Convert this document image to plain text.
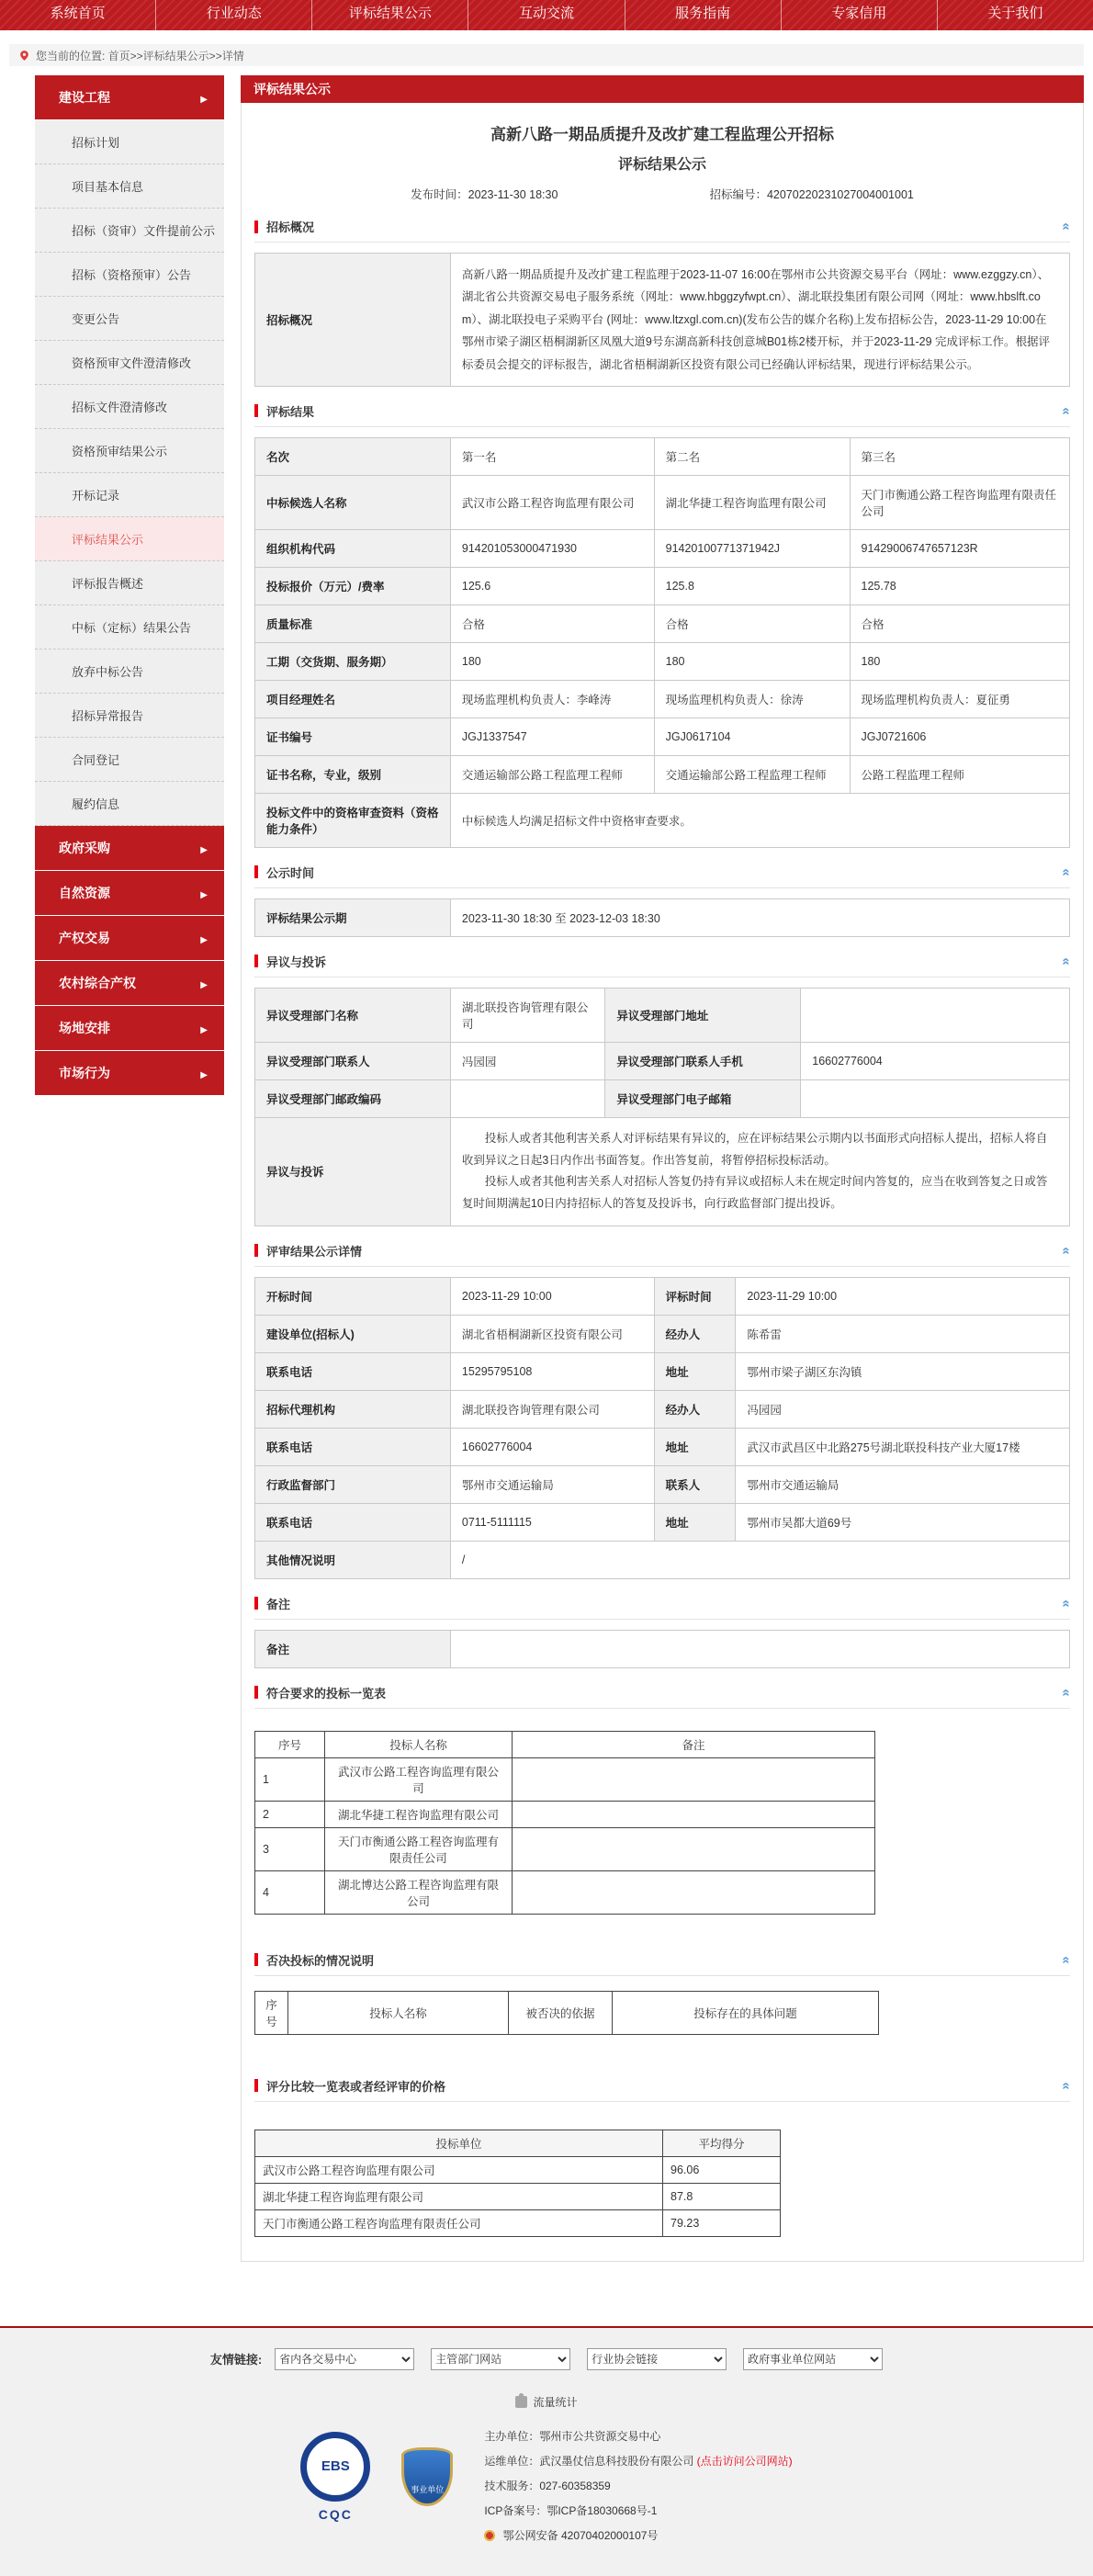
系统首页	行业动态	评标结果公示	互动交流	服务指南	专家信用	关于我们
您当前的位置: 首页>>评标结果公示>>详情
建设工程
▶
招标计划
项目基本信息
招标（资审）文件提前公示
招标（资格预审）公告
变更公告
资格预审文件澄清修改
招标文件澄清修改
资格预审结果公示
开标记录
评标结果公示
评标报告概述
中标（定标）结果公告
放弃中标公告
招标异常报告
合同登记
履约信息
政府采购
▶
自然资源
▶
产权交易
▶
农村综合产权
▶
场地安排
▶
市场行为
▶
评标结果公示
高新八路一期品质提升及改扩建工程监理公开招标
评标结果公示
发布时间：2023-11-30 18:30	招标编号：42070220231027004001001
招标概况
«
招标概况	高新八路一期品质提升及改扩建工程监理于2023-11-07 16:00在鄂州市公共资源交易平台（网址：www.ezggzy.cn）、湖北省公共资源交易电子服务系统（网址：www.hbggzyfwpt.cn）、湖北联投集团有限公司网（网址：www.hbslft.com）、湖北联投电子采购平台 (网址：www.ltzxgl.com.cn)(发布公告的媒介名称)上发布招标公告，2023-11-29 10:00在鄂州市梁子湖区梧桐湖新区凤凰大道9号东湖高新科技创意城B01栋2楼开标，并于2023-11-29 完成评标工作。根据评标委员会提交的评标报告，湖北省梧桐湖新区投资有限公司已经确认评标结果，现进行评标结果公示。
评标结果
«
名次	第一名	第二名	第三名
中标候选人名称	武汉市公路工程咨询监理有限公司	湖北华捷工程咨询监理有限公司	天门市衡通公路工程咨询监理有限责任公司
组织机构代码	914201053000471930	91420100771371942J	91429006747657123R
投标报价（万元）/费率	125.6	125.8	125.78
质量标准	合格	合格	合格
工期（交货期、服务期）	180	180	180
项目经理姓名	现场监理机构负责人：李峰涛	现场监理机构负责人：徐涛	现场监理机构负责人：夏征勇
证书编号	JGJ1337547	JGJ0617104	JGJ0721606
证书名称，专业，级别	交通运输部公路工程监理工程师	交通运输部公路工程监理工程师	公路工程监理工程师
投标文件中的资格审查资料（资格能力条件）	中标候选人均满足招标文件中资格审查要求。		
公示时间
«
评标结果公示期	2023-11-30 18:30 至 2023-12-03 18:30
异议与投诉
«
异议受理部门名称	湖北联投咨询管理有限公司	异议受理部门地址	
异议受理部门联系人	冯园园	异议受理部门联系人手机	16602776004
异议受理部门邮政编码		异议受理部门电子邮箱	
异议与投诉	　　投标人或者其他利害关系人对评标结果有异议的，应在评标结果公示期内以书面形式向招标人提出，招标人将自收到异议之日起3日内作出书面答复。作出答复前，将暂停招标投标活动。

　　投标人或者其他利害关系人对招标人答复仍持有异议或招标人未在规定时间内答复的，应当在收到答复之日或答复时间期满起10日内持招标人的答复及投诉书，向行政监督部门提出投诉。		

评审结果公示详情
«
开标时间	2023-11-29 10:00	评标时间	2023-11-29 10:00
建设单位(招标人)	湖北省梧桐湖新区投资有限公司	经办人	陈希雷
联系电话	15295795108	地址	鄂州市梁子湖区东沟镇
招标代理机构	湖北联投咨询管理有限公司	经办人	冯园园
联系电话	16602776004	地址	武汉市武昌区中北路275号湖北联投科技产业大厦17楼
行政监督部门	鄂州市交通运输局	联系人	鄂州市交通运输局
联系电话	0711-5111115	地址	鄂州市吴都大道69号
其他情况说明	/		
备注
«
备注	
符合要求的投标一览表
«
序号	投标人名称	备注
1	武汉市公路工程咨询监理有限公司	
2	湖北华捷工程咨询监理有限公司	
3	天门市衡通公路工程咨询监理有限责任公司	
4	湖北博达公路工程咨询监理有限公司	
否决投标的情况说明
«
序号	投标人名称	被否决的依据	投标存在的具体问题
评分比较一览表或者经评审的价格
«
投标单位	平均得分
武汉市公路工程咨询监理有限公司	96.06
湖北华捷工程咨询监理有限公司	87.8
天门市衡通公路工程咨询监理有限责任公司	79.23
友情链接:
省内各交易中心
主管部门网站
行业协会链接
政府事业单位网站
流量统计
EBS
CQC
事业单位
主办单位：鄂州市公共资源交易中心
运维单位：武汉墨仗信息科技股份有限公司 (点击访问公司网站)
技术服务：027-60358359
ICP备案号：鄂ICP备18030668号-1
鄂公网安备 42070402000107号
